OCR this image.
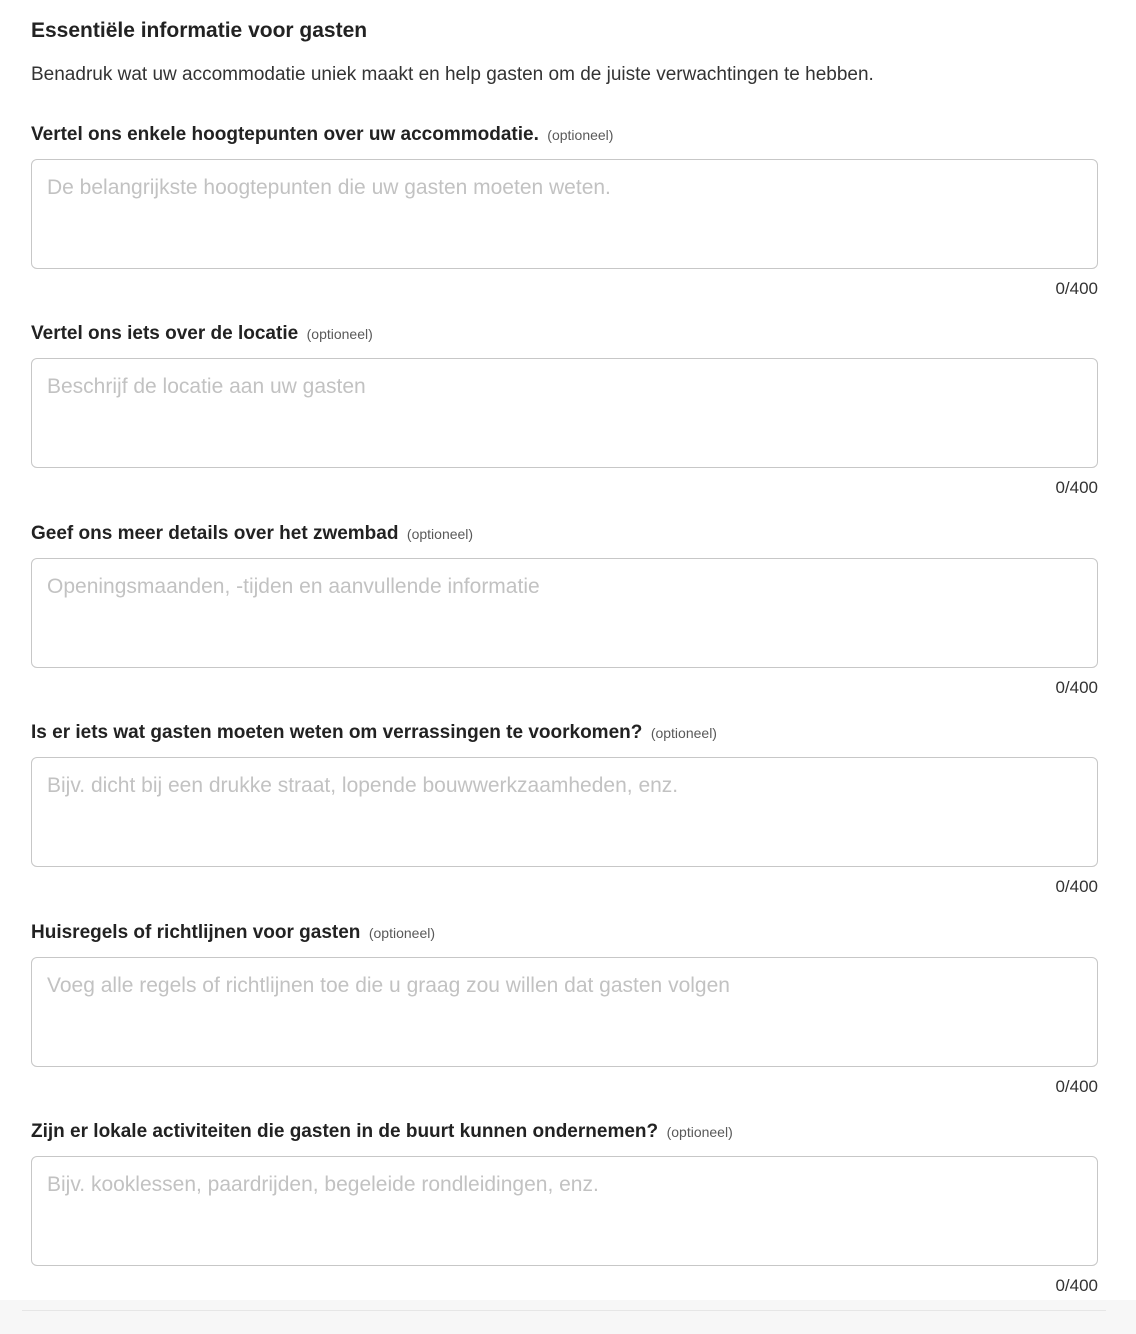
Essentiële informatie voor gasten

Benadruk wat uw accommodatie uniek maakt en help gasten om de juiste verwachtingen te hebben.

Vertel ons enkele hoogtepunten over uw accommodatie. (optioneel)
De belangrijkste hoogtepunten die uw gasten moeten weten.
0/400
Vertel ons iets over de locatie (optioneel)
Beschrijf de locatie aan uw gasten
0/400
Geef ons meer details over het zwembad (optioneel)
Openingsmaanden, -tijden en aanvullende informatie
0/400
Is er iets wat gasten moeten weten om verrassingen te voorkomen? (optioneel)
Bijv. dicht bij een drukke straat, lopende bouwwerkzaamheden, enz.
0/400
Huisregels of richtlijnen voor gasten (optioneel)
Voeg alle regels of richtlijnen toe die u graag zou willen dat gasten volgen
0/400
Zijn er lokale activiteiten die gasten in de buurt kunnen ondernemen? (optioneel)
Bijv. kooklessen, paardrijden, begeleide rondleidingen, enz.
0/400
